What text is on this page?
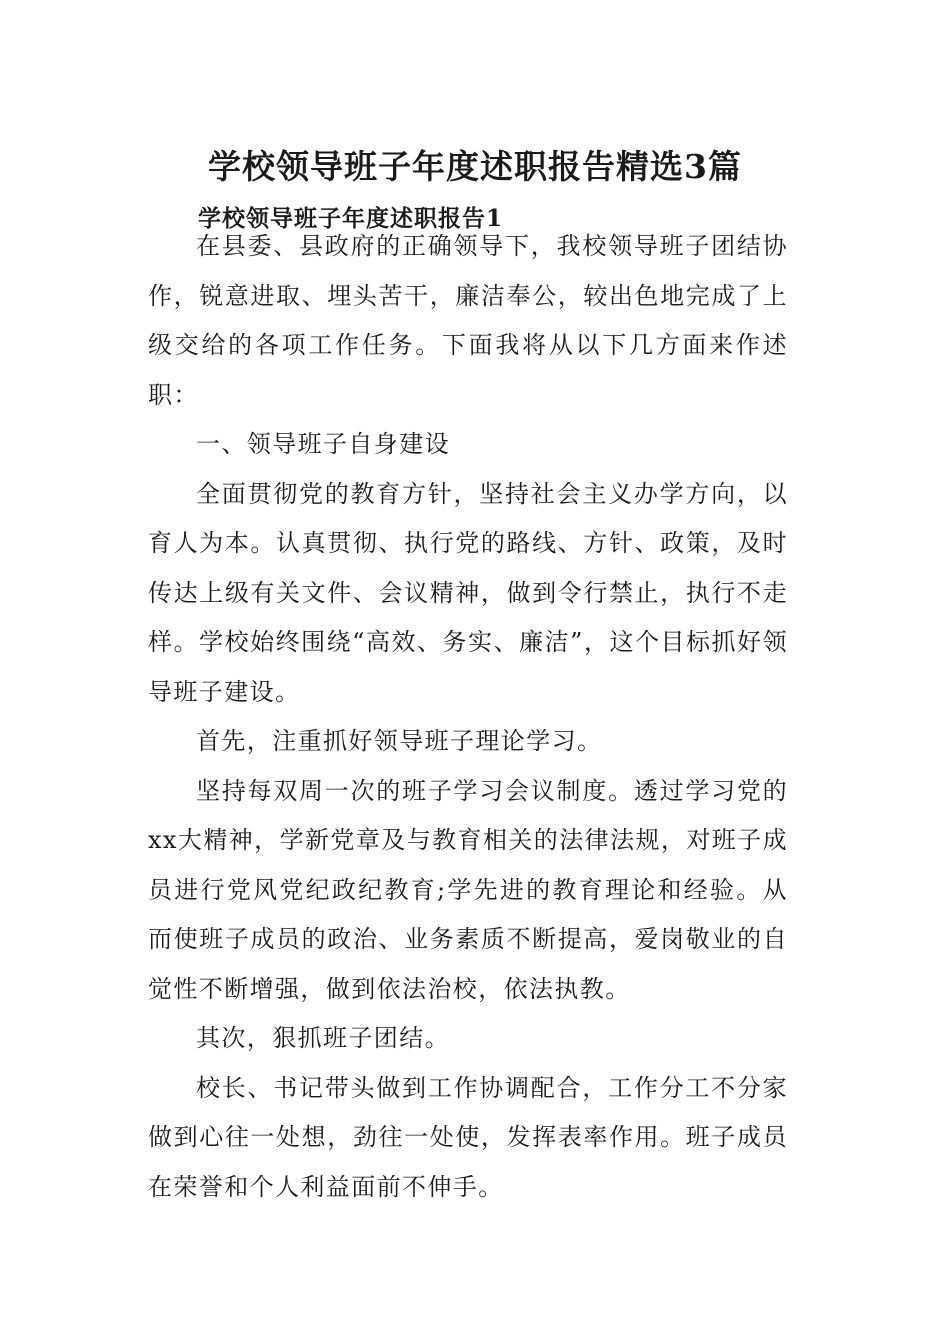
学校领导班子年度述职报告精选3篇
学校领导班子年度述职报告1

在县委、县政府的正确领导下，我校领导班子团结协作，锐意进取、埋头苦干，廉洁奉公，较出色地完成了上级交给的各项工作任务。下面我将从以下几方面来作述职：

一、领导班子自身建设

全面贯彻党的教育方针，坚持社会主义办学方向，以育人为本。认真贯彻、执行党的路线、方针、政策，及时传达上级有关文件、会议精神，做到令行禁止，执行不走样。学校始终围绕“高效、务实、廉洁”，这个目标抓好领导班子建设。

首先，注重抓好领导班子理论学习。

坚持每双周一次的班子学习会议制度。透过学习党的xx大精神，学新党章及与教育相关的法律法规，对班子成员进行党风党纪政纪教育;学先进的教育理论和经验。从而使班子成员的政治、业务素质不断提高，爱岗敬业的自觉性不断增强，做到依法治校，依法执教。

其次，狠抓班子团结。

校长、书记带头做到工作协调配合，工作分工不分家做到心往一处想，劲往一处使，发挥表率作用。班子成员在荣誉和个人利益面前不伸手。
